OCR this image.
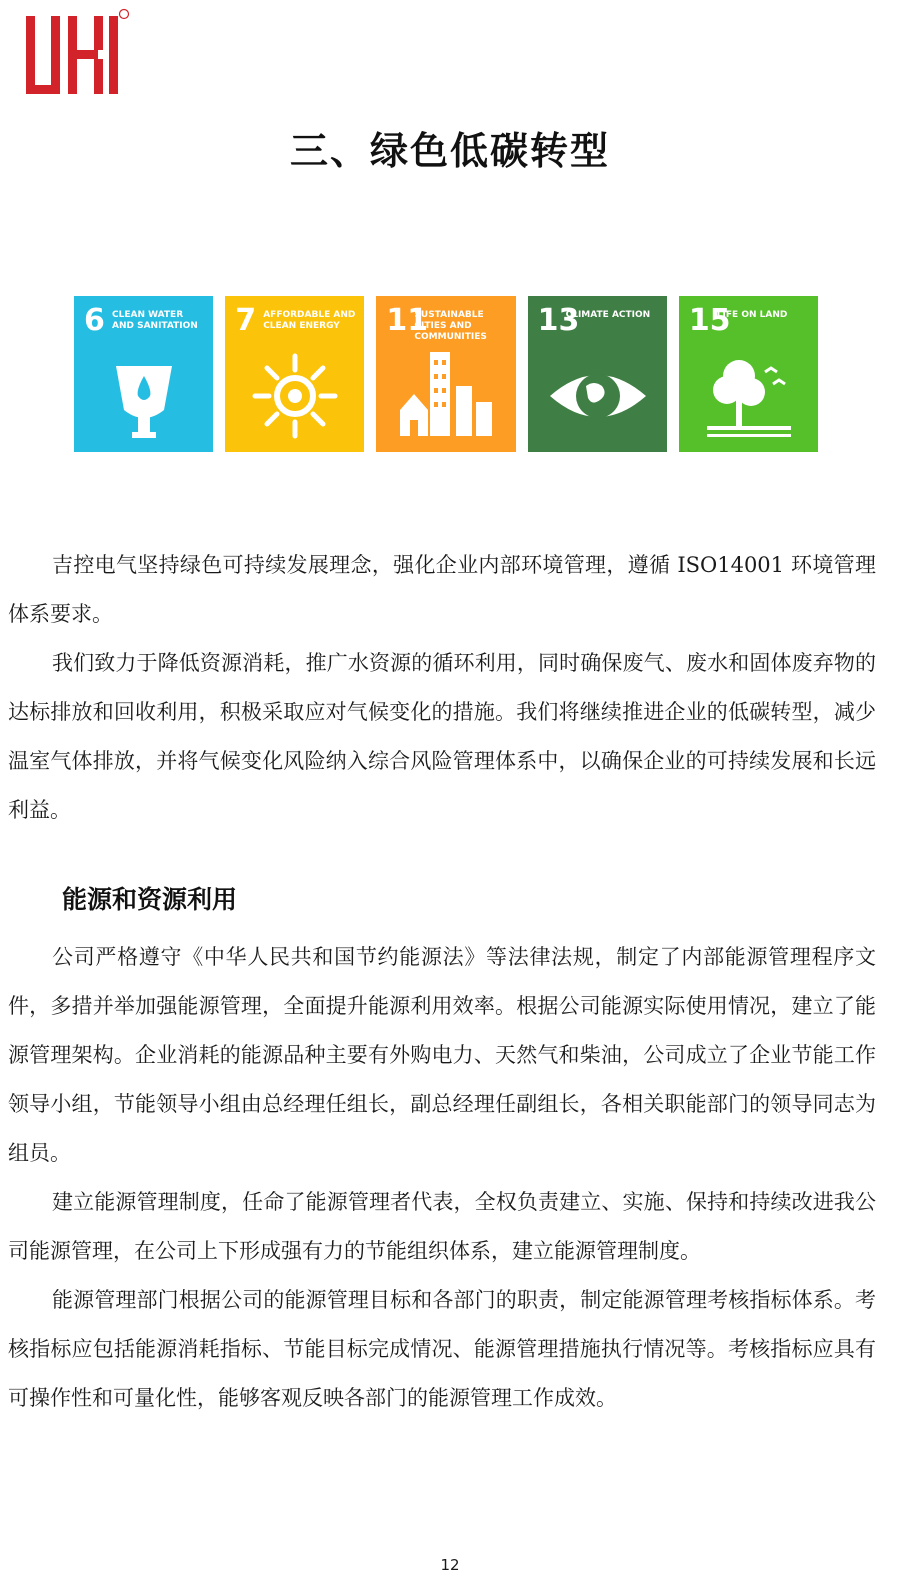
三、绿色低碳转型
6 CLEAN WATER AND SANITATION	7 AFFORDABLE AND CLEAN ENERGY	11
SUSTAINABLE CITIES AND COMMUNITIES	13
CLIMATE ACTION	15
LIFE ON LAND

吉控电气坚持绿色可持续发展理念，强化企业内部环境管理，遵循 ISO14001 环境管理体系要求。

我们致力于降低资源消耗，推广水资源的循环利用，同时确保废气、废水和固体废弃物的达标排放和回收利用，积极采取应对气候变化的措施。我们将继续推进企业的低碳转型，减少温室气体排放，并将气候变化风险纳入综合风险管理体系中，以确保企业的可持续发展和长远利益。

能源和资源利用

公司严格遵守《中华人民共和国节约能源法》等法律法规，制定了内部能源管理程序文件，多措并举加强能源管理，全面提升能源利用效率。根据公司能源实际使用情况，建立了能源管理架构。企业消耗的能源品种主要有外购电力、天然气和柴油，公司成立了企业节能工作领导小组，节能领导小组由总经理任组长，副总经理任副组长，各相关职能部门的领导同志为组员。

建立能源管理制度，任命了能源管理者代表，全权负责建立、实施、保持和持续改进我公司能源管理，在公司上下形成强有力的节能组织体系，建立能源管理制度。

能源管理部门根据公司的能源管理目标和各部门的职责，制定能源管理考核指标体系。考核指标应包括能源消耗指标、节能目标完成情况、能源管理措施执行情况等。考核指标应具有可操作性和可量化性，能够客观反映各部门的能源管理工作成效。

12
